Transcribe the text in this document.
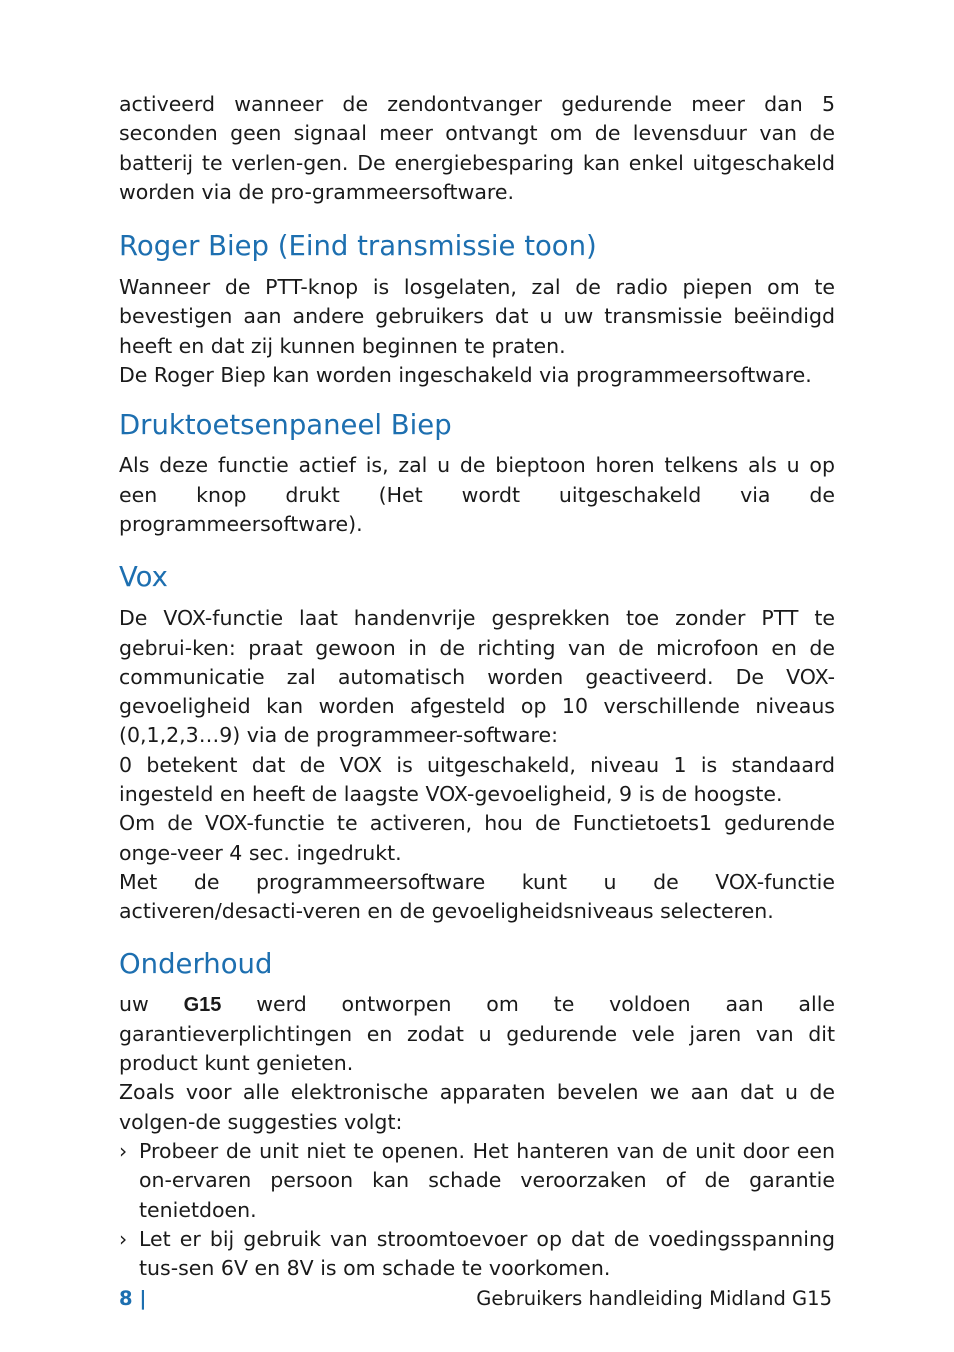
activeerd wanneer de zendontvanger gedurende meer dan 5 seconden geen signaal meer ontvangt om de levensduur van de batterij te verlen-gen. De energiebesparing kan enkel uitgeschakeld worden via de pro-grammeersoftware.

Roger Biep (Eind transmissie toon)

Wanneer de PTT-knop is losgelaten, zal de radio piepen om te bevestigen aan andere gebruikers dat u uw transmissie beëindigd heeft en dat zij kunnen beginnen te praten.

De Roger Biep kan worden ingeschakeld via programmeersoftware.

Druktoetsenpaneel Biep

Als deze functie actief is, zal u de bieptoon horen telkens als u op een knop drukt (Het wordt uitgeschakeld via de programmeersoftware).

Vox

De VOX-functie laat handenvrije gesprekken toe zonder PTT te gebrui-ken: praat gewoon in de richting van de microfoon en de communicatie zal automatisch worden geactiveerd. De VOX-gevoeligheid kan worden afgesteld op 10 verschillende niveaus (0,1,2,3…9) via de programmeer-software:

0 betekent dat de VOX is uitgeschakeld, niveau 1 is standaard ingesteld en heeft de laagste VOX-gevoeligheid, 9 is de hoogste.

Om de VOX-functie te activeren, hou de Functietoets1 gedurende onge-veer 4 sec. ingedrukt.

Met de programmeersoftware kunt u de VOX-functie activeren/desacti-veren en de gevoeligheidsniveaus selecteren.

Onderhoud

uw G15 werd ontworpen om te voldoen aan alle garantieverplichtingen en zodat u gedurende vele jaren van dit product kunt genieten.

Zoals voor alle elektronische apparaten bevelen we aan dat u de volgen-de suggesties volgt:

› Probeer de unit niet te openen. Het hanteren van de unit door een on-ervaren persoon kan schade veroorzaken of de garantie tenietdoen.
› Let er bij gebruik van stroomtoevoer op dat de voedingsspanning tus-sen 6V en 8V is om schade te voorkomen.
8 |	Gebruikers handleiding Midland G15
